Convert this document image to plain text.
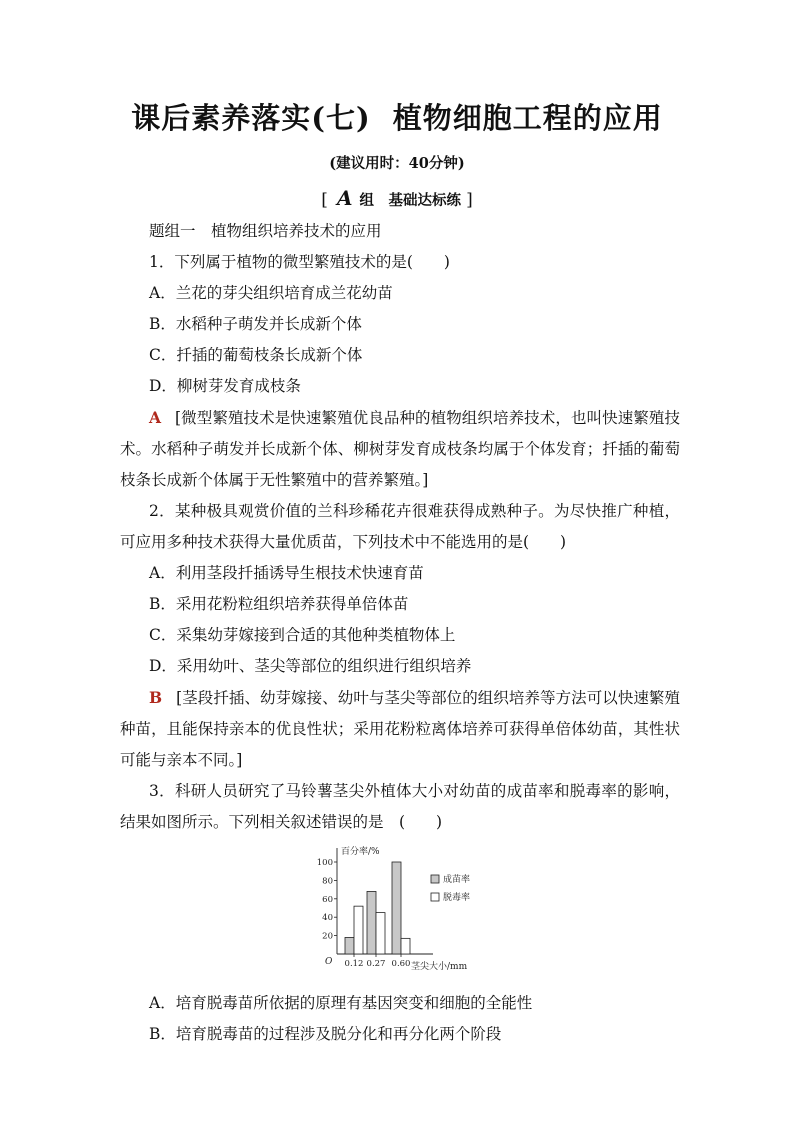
课后素养落实(七) 植物细胞工程的应用
(建议用时：40分钟)
[ A 组　基础达标练 ]
题组一　植物组织培养技术的应用
1．下列属于植物的微型繁殖技术的是(　　)
A．兰花的芽尖组织培育成兰花幼苗
B．水稻种子萌发并长成新个体
C．扦插的葡萄枝条长成新个体
D．柳树芽发育成枝条

A [微型繁殖技术是快速繁殖优良品种的植物组织培养技术，也叫快速繁殖技术。水稻种子萌发并长成新个体、柳树芽发育成枝条均属于个体发育；扦插的葡萄枝条长成新个体属于无性繁殖中的营养繁殖。]

2．某种极具观赏价值的兰科珍稀花卉很难获得成熟种子。为尽快推广种植，可应用多种技术获得大量优质苗，下列技术中不能选用的是(　　)

A．利用茎段扦插诱导生根技术快速育苗
B．采用花粉粒组织培养获得单倍体苗
C．采集幼芽嫁接到合适的其他种类植物体上
D．采用幼叶、茎尖等部位的组织进行组织培养

B [茎段扦插、幼芽嫁接、幼叶与茎尖等部位的组织培养等方法可以快速繁殖种苗，且能保持亲本的优良性状；采用花粉粒离体培养可获得单倍体幼苗，其性状可能与亲本不同。]

3．科研人员研究了马铃薯茎尖外植体大小对幼苗的成苗率和脱毒率的影响，结果如图所示。下列相关叙述错误的是　(　　)

百分率/%
O	茎尖大小/mm
20
40
60
80
100
0.12 0.27 0.60
成苗率
脱毒率
A．培育脱毒苗所依据的原理有基因突变和细胞的全能性
B．培育脱毒苗的过程涉及脱分化和再分化两个阶段
